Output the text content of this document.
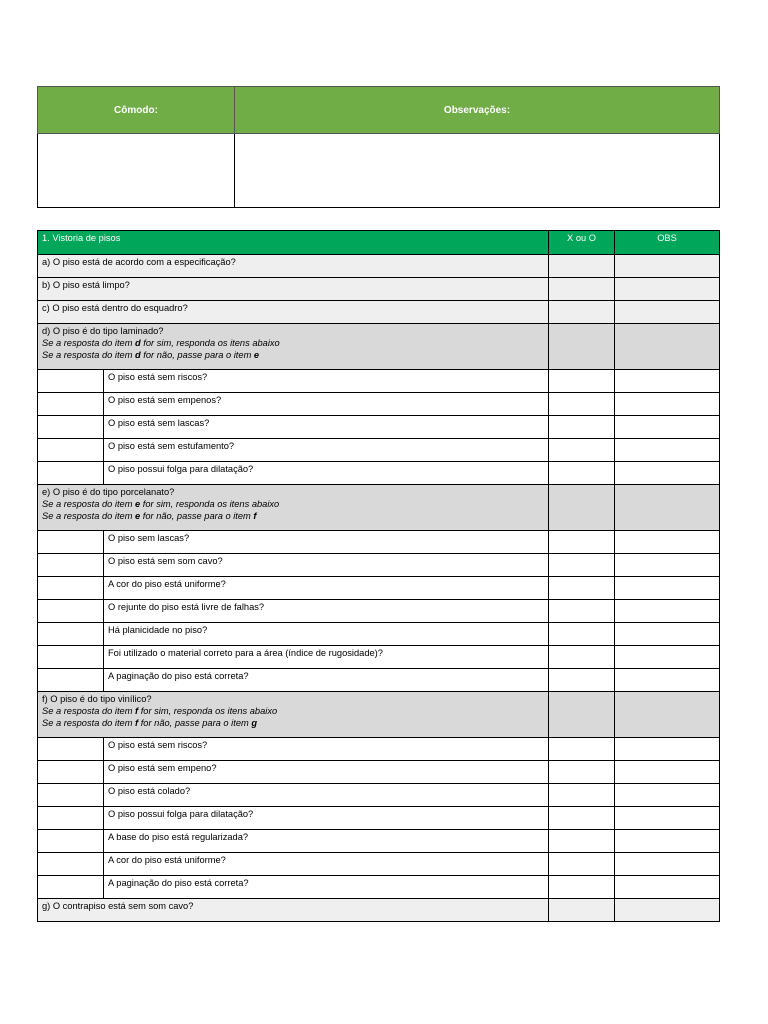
Cômodo:	Observações:

1. Vistoria de pisos		X ou O	OBS
a) O piso está de acordo com a especificação?			
b) O piso está limpo?			
c) O piso está dentro do esquadro?			
d) O piso é do tipo laminado?
Se a resposta do item d for sim, responda os itens abaixo
Se a resposta do item d for não, passe para o item e			

	O piso está sem riscos?		
	O piso está sem empenos?		
	O piso está sem lascas?		
	O piso está sem estufamento?		
	O piso possui folga para dilatação?		
e) O piso é do tipo porcelanato?
Se a resposta do item e for sim, responda os itens abaixo
Se a resposta do item e for não, passe para o item f			

	O piso sem lascas?		
	O piso está sem som cavo?		
	A cor do piso está uniforme?		
	O rejunte do piso está livre de falhas?		
	Há planicidade no piso?		
	Foi utilizado o material correto para a área (índice de rugosidade)?		
	A paginação do piso está correta?		
f) O piso é do tipo vinílico?
Se a resposta do item f for sim, responda os itens abaixo
Se a resposta do item f for não, passe para o item g			

	O piso está sem riscos?		
	O piso está sem empeno?		
	O piso está colado?		
	O piso possui folga para dilatação?		
	A base do piso está regularizada?		
	A cor do piso está uniforme?		
	A paginação do piso está correta?		
g) O contrapiso está sem som cavo?			
